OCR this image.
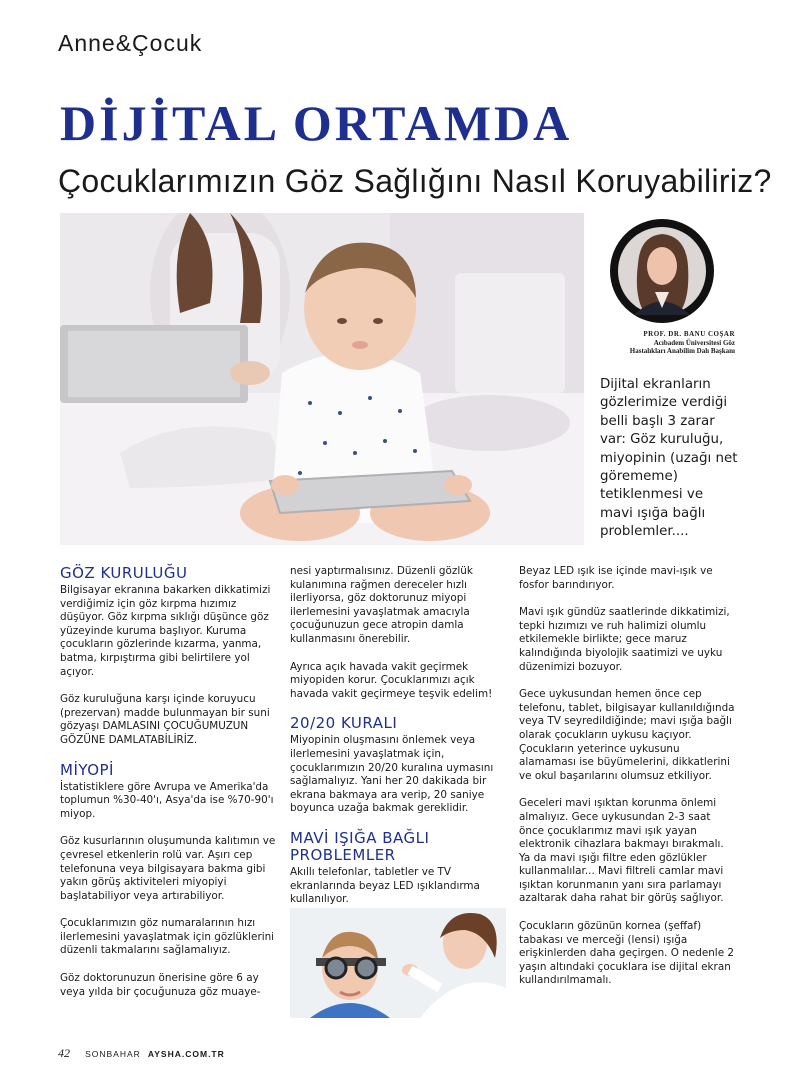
Anne&Çocuk
DİJİTAL ORTAMDA
Çocuklarımızın Göz Sağlığını Nasıl Koruyabiliriz?
PROF. DR. BANU COŞAR
Acıbadem Üniversitesi Göz
Hastalıkları Anabilim Dalı Başkanı
Dijital ekranların gözlerimize verdiği belli başlı 3 zarar var: Göz kuruluğu, miyopinin (uzağı net görememe) tetiklenmesi ve mavi ışığa bağlı problemler....
GÖZ KURULUĞU

Bilgisayar ekranına bakarken dikkatimizi verdiğimiz için göz kırpma hızımız düşüyor. Göz kırpma sıklığı düşünce göz yüzeyinde kuruma başlıyor. Kuruma çocukların gözlerinde kızarma, yanma, batma, kırpıştırma gibi belirtilere yol açıyor.

Göz kuruluğuna karşı içinde koruyucu (prezervan) madde bulunmayan bir suni gözyaşı DAMLASINI ÇOCUĞUMUZUN GÖZÜNE DAMLATABİLİRİZ.

MİYOPİ

İstatistiklere göre Avrupa ve Amerika'da toplumun %30-40'ı, Asya'da ise %70-90'ı miyop.

Göz kusurlarının oluşumunda kalıtımın ve çevresel etkenlerin rolü var. Aşırı cep telefonuna veya bilgisayara bakma gibi yakın görüş aktiviteleri miyopiyi başlatabiliyor veya artırabiliyor.

Çocuklarımızın göz numaralarının hızı ilerlemesini yavaşlatmak için gözlüklerini düzenli takmalarını sağlamalıyız.

Göz doktorunuzun önerisine göre 6 ay veya yılda bir çocuğunuza göz muaye-

nesi yaptırmalısınız. Düzenli gözlük kulanımına rağmen dereceler hızlı ilerliyorsa, göz doktorunuz miyopi ilerlemesini yavaşlatmak amacıyla çocuğunuzun gece atropin damla kullanmasını önerebilir.

Ayrıca açık havada vakit geçirmek miyopiden korur. Çocuklarımızı açık havada vakit geçirmeye teşvik edelim!

20/20 KURALI

Miyopinin oluşmasını önlemek veya ilerlemesini yavaşlatmak için, çocuklarımızın 20/20 kuralına uymasını sağlamalıyız. Yani her 20 dakikada bir ekrana bakmaya ara verip, 20 saniye boyunca uzağa bakmak gereklidir.

MAVİ IŞIĞA BAĞLI
PROBLEMLER

Akıllı telefonlar, tabletler ve TV ekranlarında beyaz LED ışıklandırma kullanılıyor.

Beyaz LED ışık ise içinde mavi-ışık ve fosfor barındırıyor.

Mavi ışık gündüz saatlerinde dikkatimizi, tepki hızımızı ve ruh halimizi olumlu etkilemekle birlikte; gece maruz kalındığında biyolojik saatimizi ve uyku düzenimizi bozuyor.

Gece uykusundan hemen önce cep telefonu, tablet, bilgisayar kullanıldığında veya TV seyredildiğinde; mavi ışığa bağlı olarak çocukların uykusu kaçıyor. Çocukların yeterince uykusunu alamaması ise büyümelerini, dikkatlerini ve okul başarılarını olumsuz etkiliyor.

Geceleri mavi ışıktan korunma önlemi almalıyız. Gece uykusundan 2-3 saat önce çocuklarımız mavi ışık yayan elektronik cihazlara bakmayı bırakmalı. Ya da mavi ışığı filtre eden gözlükler kullanmalılar... Mavi filtreli camlar mavi ışıktan korunmanın yanı sıra parlamayı azaltarak daha rahat bir görüş sağlıyor.

Çocukların gözünün kornea (şeffaf) tabakası ve merceği (lensi) ışığa erişkinlerden daha geçirgen. O nedenle 2 yaşın altındaki çocuklara ise dijital ekran kullandırılmamalı.

42 SONBAHAR AYSHA.COM.TR
